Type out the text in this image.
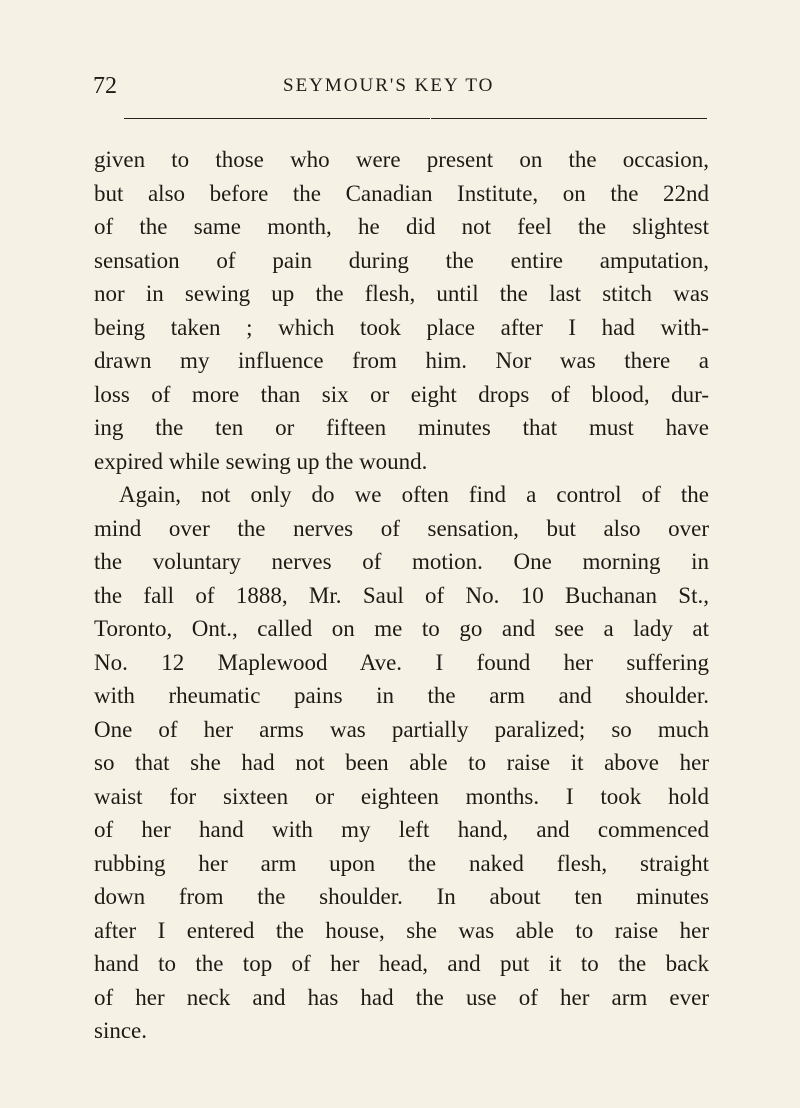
72	SEYMOUR'S KEY TO
given to those who were present on the occasion,
but also before the Canadian Institute, on the 22nd
of the same month, he did not feel the slightest
sensation of pain during the entire amputation,
nor in sewing up the flesh, until the last stitch was
being taken ; which took place after I had with-
drawn my influence from him. Nor was there a
loss of more than six or eight drops of blood, dur-
ing the ten or fifteen minutes that must have
expired while sewing up the wound.
Again, not only do we often find a control of the
mind over the nerves of sensation, but also over
the voluntary nerves of motion. One morning in
the fall of 1888, Mr. Saul of No. 10 Buchanan St.,
Toronto, Ont., called on me to go and see a lady at
No. 12 Maplewood Ave. I found her suffering
with rheumatic pains in the arm and shoulder.
One of her arms was partially paralized; so much
so that she had not been able to raise it above her
waist for sixteen or eighteen months. I took hold
of her hand with my left hand, and commenced
rubbing her arm upon the naked flesh, straight
down from the shoulder. In about ten minutes
after I entered the house, she was able to raise her
hand to the top of her head, and put it to the back
of her neck and has had the use of her arm ever
since.
